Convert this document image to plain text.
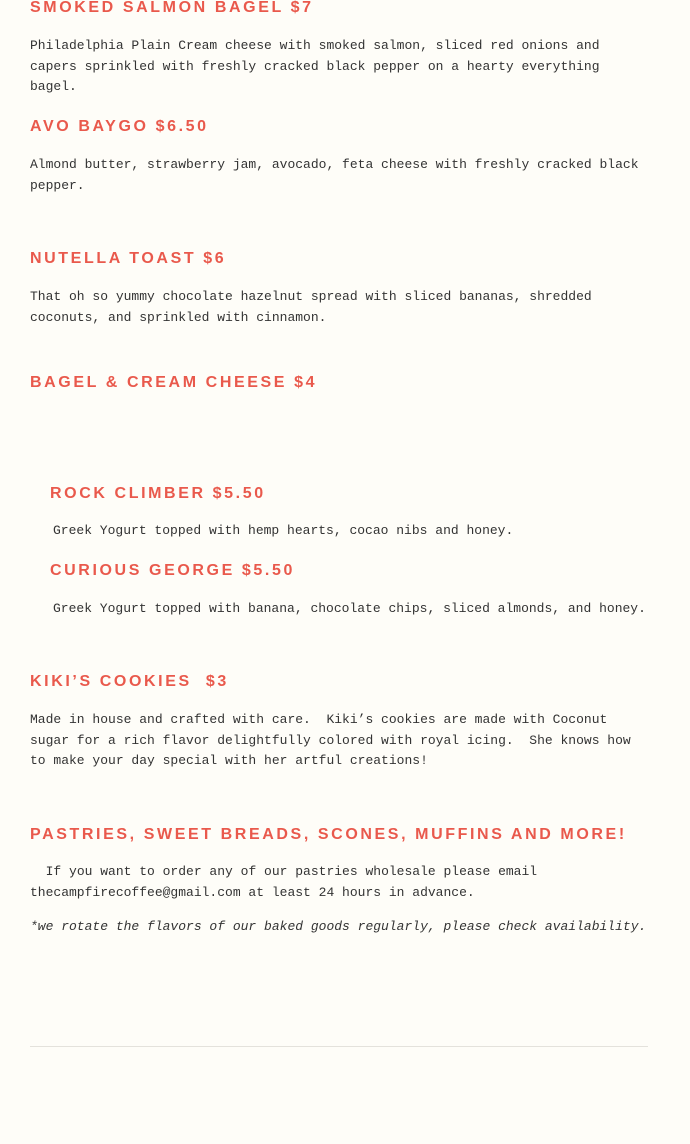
SMOKED SALMON BAGEL $7

Philadelphia Plain Cream cheese with smoked salmon, sliced red onions and capers sprinkled with freshly cracked black pepper on a hearty everything bagel.

AVO BAYGO $6.50

Almond butter, strawberry jam, avocado, feta cheese with freshly cracked black pepper.

NUTELLA TOAST $6

That oh so yummy chocolate hazelnut spread with sliced bananas, shredded coconuts, and sprinkled with cinnamon.

BAGEL & CREAM CHEESE $4
ROCK CLIMBER $5.50

Greek Yogurt topped with hemp hearts, cocao nibs and honey.

CURIOUS GEORGE $5.50

Greek Yogurt topped with banana, chocolate chips, sliced almonds, and honey.

KIKI’S COOKIES  $3

Made in house and crafted with care.  Kiki’s cookies are made with Coconut sugar for a rich flavor delightfully colored with royal icing.  She knows how to make your day special with her artful creations!

PASTRIES, SWEET BREADS, SCONES, MUFFINS AND MORE!

If you want to order any of our pastries wholesale please email thecampfirecoffee@gmail.com at least 24 hours in advance.

*we rotate the flavors of our baked goods regularly, please check availability.
